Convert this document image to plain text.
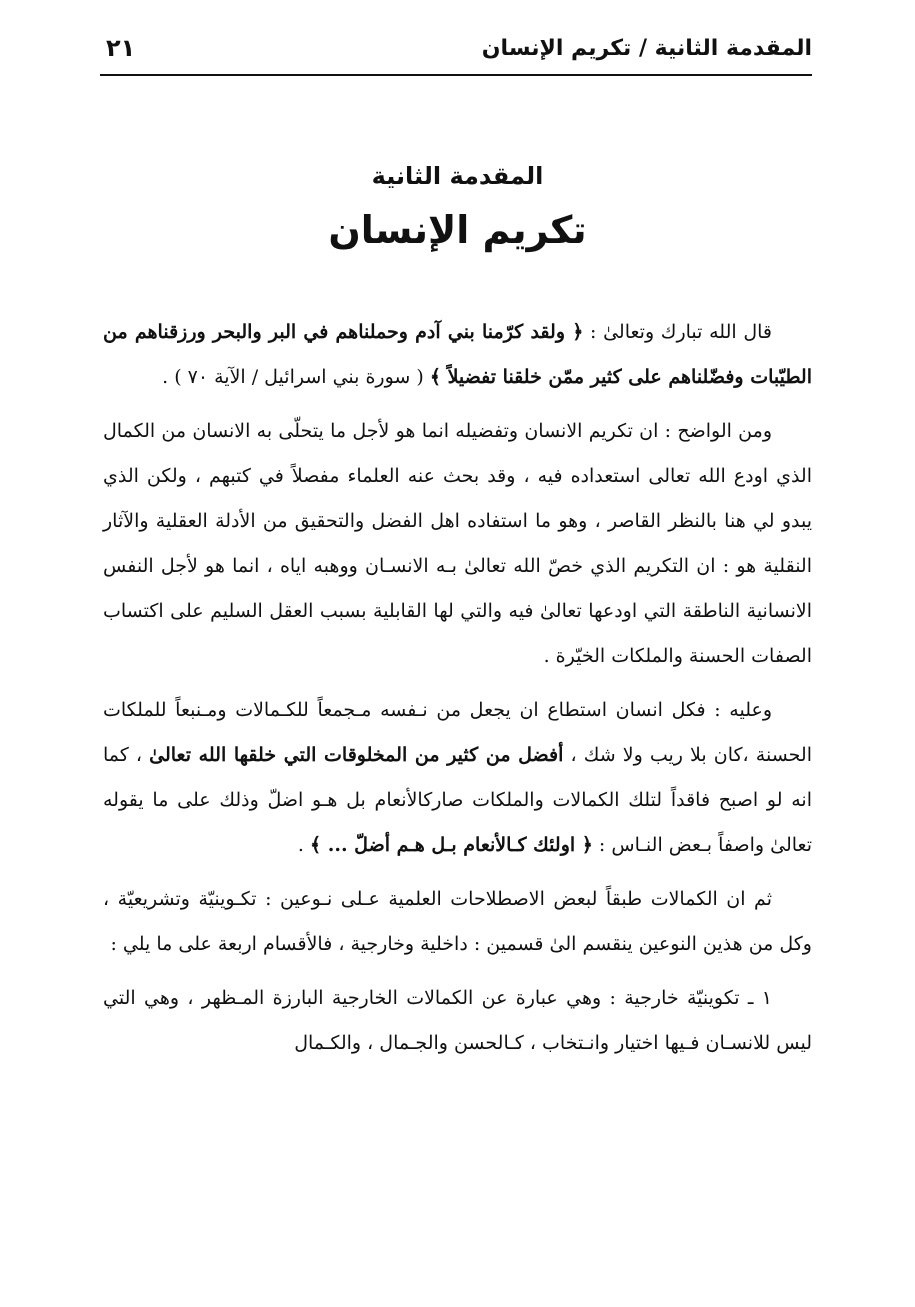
المقدمة الثانية / تكريم الإنسان
٢١
المقدمة الثانية
تكريم الإنسان

قال الله تبارك وتعالىٰ : ﴿ ولقد كرّمنا بني آدم وحملناهم في البر والبحر ورزقناهم من الطيّبات وفضّلناهم على كثير ممّن خلقنا تفضيلاً ﴾ ( سورة بني اسرائيل / الآية ٧٠ ) .

ومن الواضح : ان تكريم الانسان وتفضيله انما هو لأجل ما يتحلّى به الانسان من الكمال الذي اودع الله تعالى استعداده فيه ، وقد بحث عنه العلماء مفصلاً في كتبهم ، ولكن الذي يبدو لي هنا بالنظر القاصر ، وهو ما استفاده اهل الفضل والتحقيق من الأدلة العقلية والآثار النقلية هو : ان التكريم الذي خصّ الله تعالىٰ بـه الانسـان ووهبه اياه ، انما هو لأجل النفس الانسانية الناطقة التي اودعها تعالىٰ فيه والتي لها القابلية بسبب العقل السليم على اكتساب الصفات الحسنة والملكات الخيّرة .

وعليه : فكل انسان استطاع ان يجعل من نـفسه مـجمعاً للكـمالات ومـنبعاً للملكات الحسنة ،كان بلا ريب ولا شك ، أفضل من كثير من المخلوقات التي خلقها الله تعالىٰ ، كما انه لو اصبح فاقداً لتلك الكمالات والملكات صاركالأنعام بل هـو اضلّ وذلك على ما يقوله تعالىٰ واصفاً بـعض النـاس : ﴿ اولئك كـالأنعام بـل هـم أضلّ ... ﴾ .

ثم ان الكمالات طبقاً لبعض الاصطلاحات العلمية عـلى نـوعين : تكـوينيّة وتشريعيّة ، وكل من هذين النوعين ينقسم الىٰ قسمين : داخلية وخارجية ، فالأقسام اربعة على ما يلي :

١ ـ تكوينيّة خارجية : وهي عبارة عن الكمالات الخارجية البارزة المـظهر ، وهي التي ليس للانسـان فـيها اختيار وانـتخاب ، كـالحسن والجـمال ، والكـمال
